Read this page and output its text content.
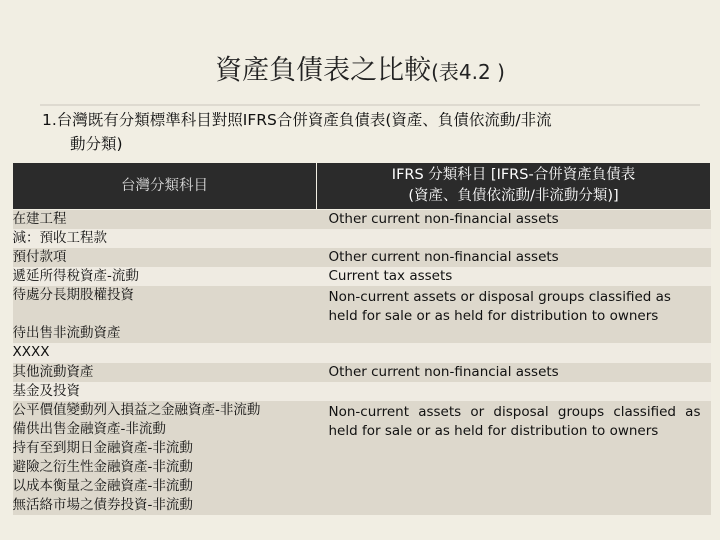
資產負債表之比較(表4.2 )
1.台灣既有分類標準科目對照IFRS合併資產負債表(資產、負債依流動/非流
動分類)
台灣分類科目	IFRS 分類科目 [IFRS-合併資產負債表
(資產、負債依流動/非流動分類)]

在建工程	Other current non-financial assets
減：預收工程款	
預付款項	Other current non-financial assets
遞延所得稅資產-流動	Current tax assets
待處分長期股權投資	Non-current assets or disposal groups classified as held for sale or as held for distribution to owners
待出售非流動資產	
XXXX	
其他流動資產	Other current non-financial assets
基金及投資	
公平價值變動列入損益之金融資產-非流動	Non-current assets or disposal groups classified as held for sale or as held for distribution to owners
備供出售金融資產-非流動	
持有至到期日金融資產-非流動	
避險之衍生性金融資產-非流動	
以成本衡量之金融資產-非流動	
無活絡市場之債券投資-非流動	
